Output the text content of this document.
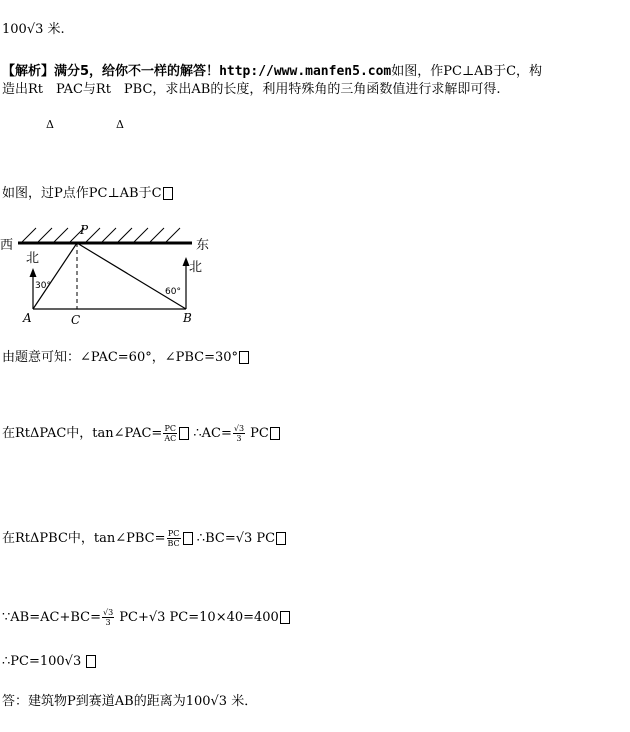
100√3 米.
【解析】满分5，给你不一样的解答！http://www.manfen5.com如图，作PC⊥AB于C，构
造出Rt　PAC与Rt　PBC，求出AB的长度，利用特殊角的三角函数值进行求解即可得.
Δ	Δ
如图，过P点作PC⊥AB于C
西	东
北
北
P
A	C	B
30°
60°
由题意可知：∠PAC=60°，∠PBC=30°
在RtΔPAC中，tan∠PAC= $\frac{PC}{AC}$ ∴AC= $\frac{√3}{3}$ PC
在RtΔPBC中，tan∠PBC= $\frac{PC}{BC}$ ∴BC=√3 PC
∵AB=AC+BC= $\frac{√3}{3} PC+√3$ PC=10×40=400
∴PC=100√3
答：建筑物P到赛道AB的距离为100√3 米．
